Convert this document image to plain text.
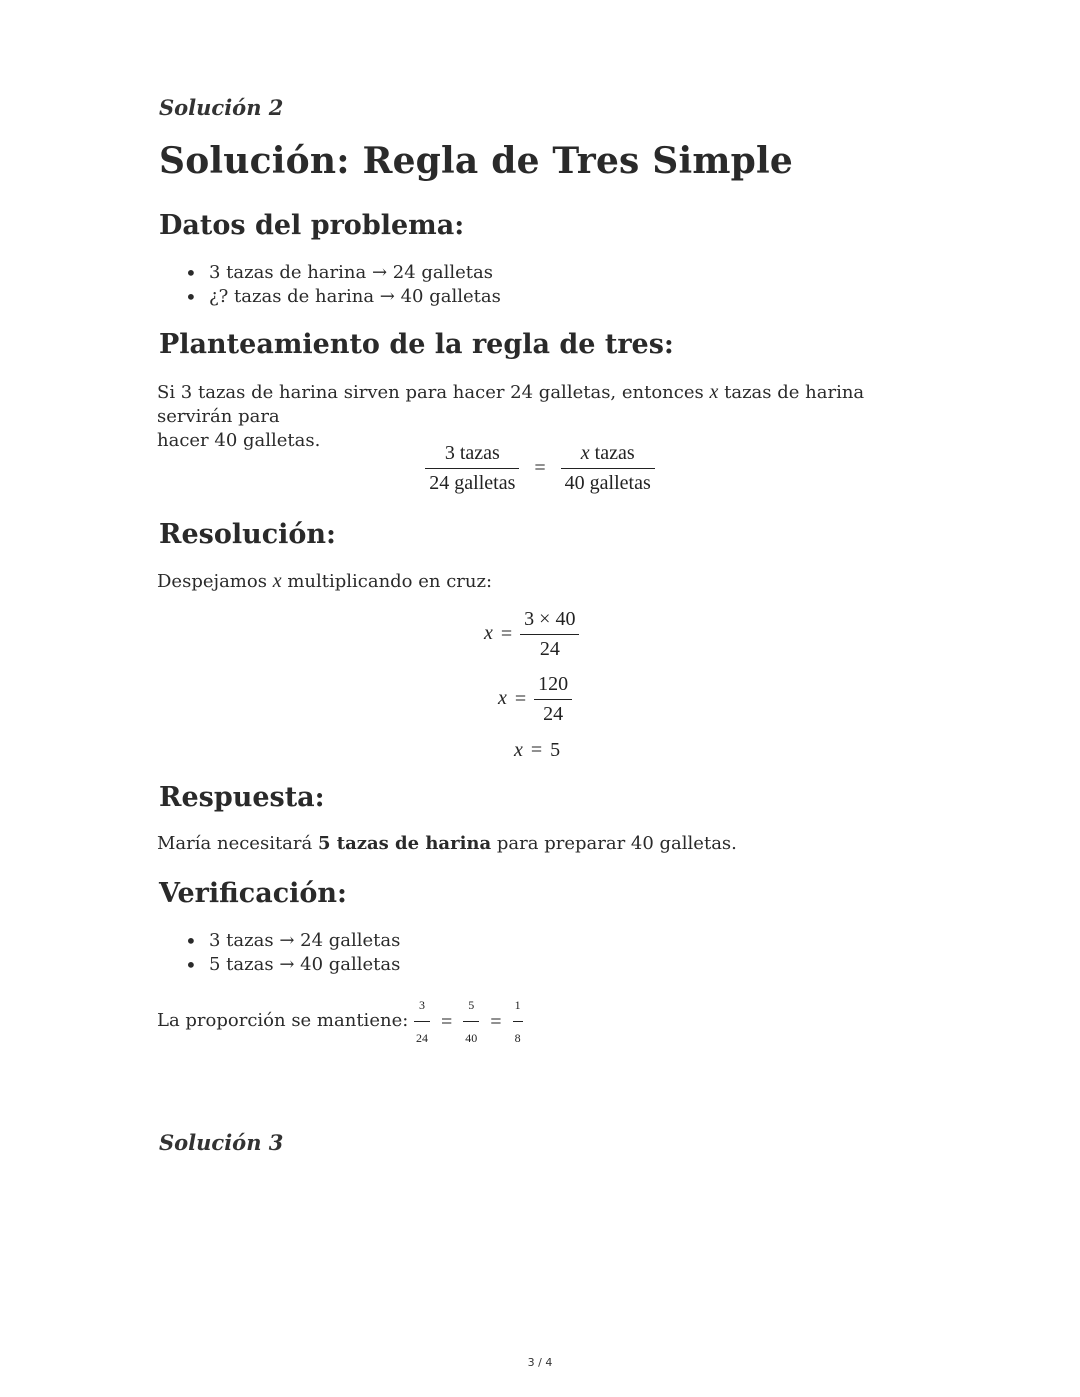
Solución 2
Solución: Regla de Tres Simple
Datos del problema:
• 3 tazas de harina → 24 galletas
• ¿? tazas de harina → 40 galletas
Planteamiento de la regla de tres:
Si 3 tazas de harina sirven para hacer 24 galletas, entonces x tazas de harina servirán para
hacer 40 galletas.
$\frac{\text{3 tazas}}{\text{24 galletas}} = \frac{\text{x tazas}}{\text{40 galletas}}$
Resolución:
Despejamos x multiplicando en cruz:
$x = \frac{3 \times 40}{24}$
$x = \frac{120}{24}$
x = 5
Respuesta:
María necesitará 5 tazas de harina para preparar 40 galletas.
Verificación:
• 3 tazas → 24 galletas
• 5 tazas → 40 galletas
La proporción se mantiene: $\frac{3}{24} = \frac{5}{40} = \frac{1}{8}$
Solución 3
3 / 4
